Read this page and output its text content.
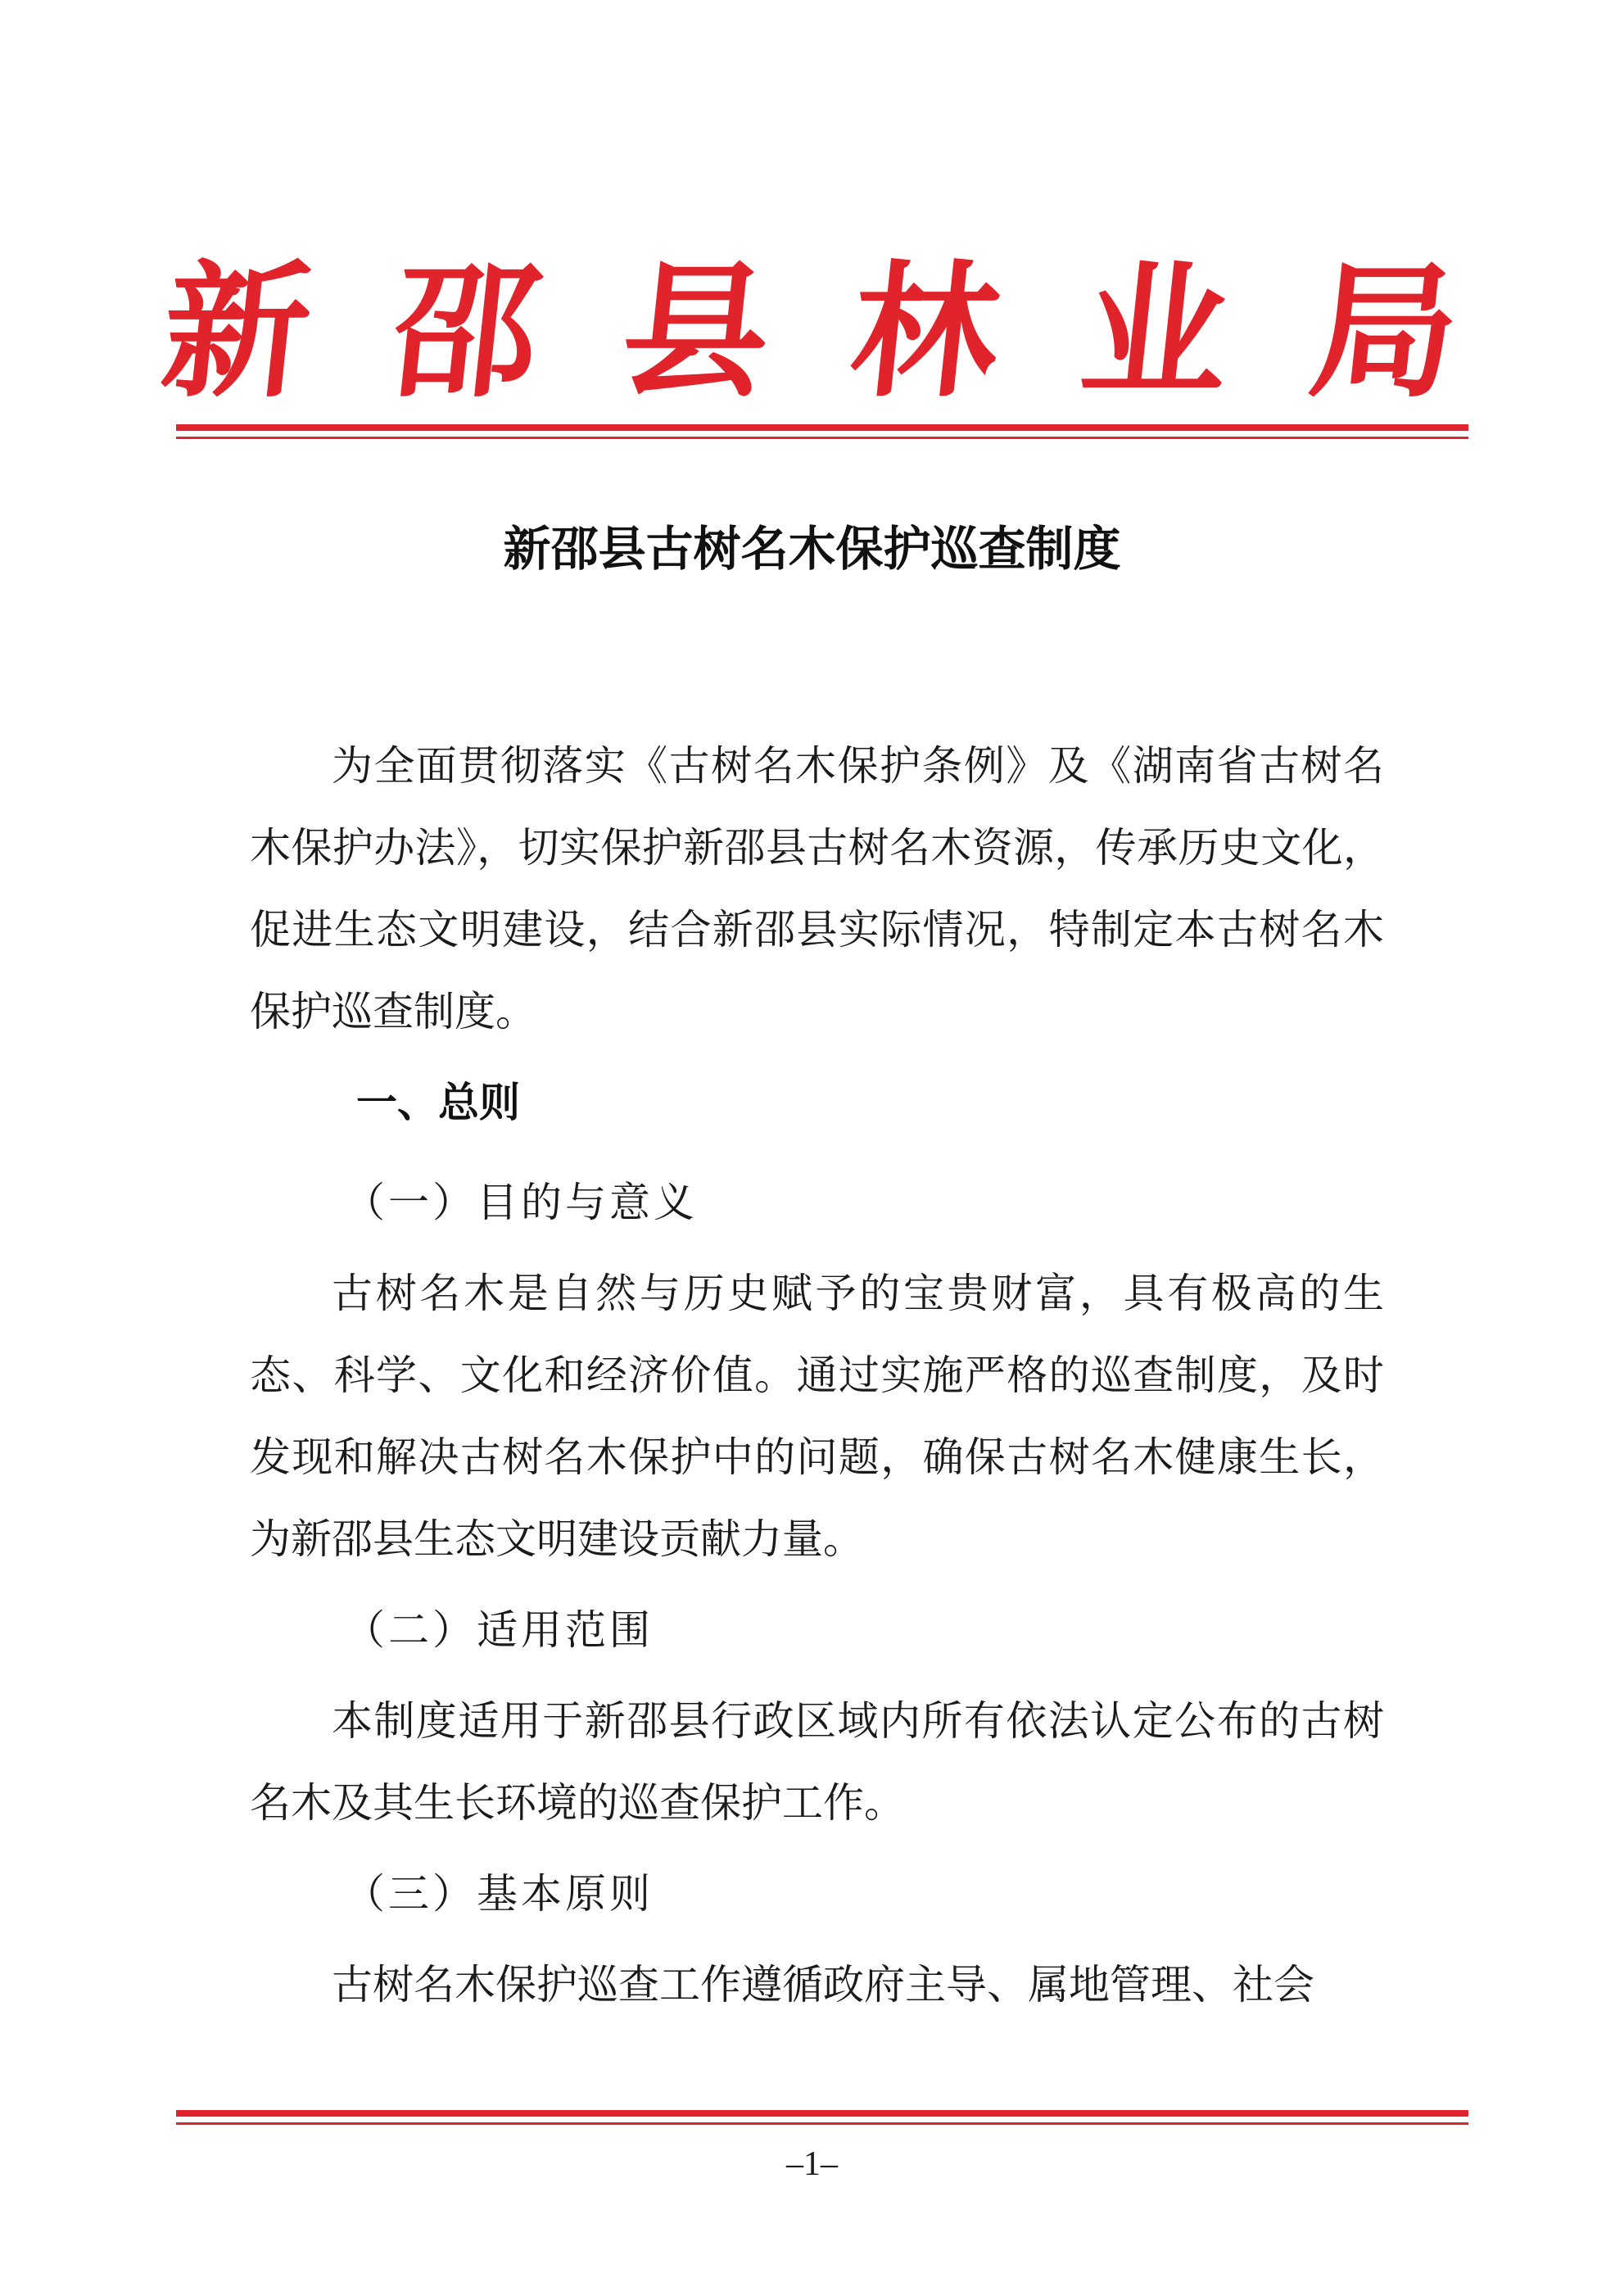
新 邵 县 林 业 局
新邵县古树名木保护巡查制度

为全面贯彻落实《古树名木保护条例》及《湖南省古树名木保护办法》，切实保护新邵县古树名木资源，传承历史文化，促进生态文明建设，结合新邵县实际情况，特制定本古树名木保护巡查制度。

一、总则

（一）目的与意义

古树名木是自然与历史赋予的宝贵财富，具有极高的生态、科学、文化和经济价值。通过实施严格的巡查制度，及时发现和解决古树名木保护中的问题，确保古树名木健康生长，为新邵县生态文明建设贡献力量。

（二）适用范围

本制度适用于新邵县行政区域内所有依法认定公布的古树名木及其生长环境的巡查保护工作。

（三）基本原则

古树名木保护巡查工作遵循政府主导、属地管理、社会

–1–
